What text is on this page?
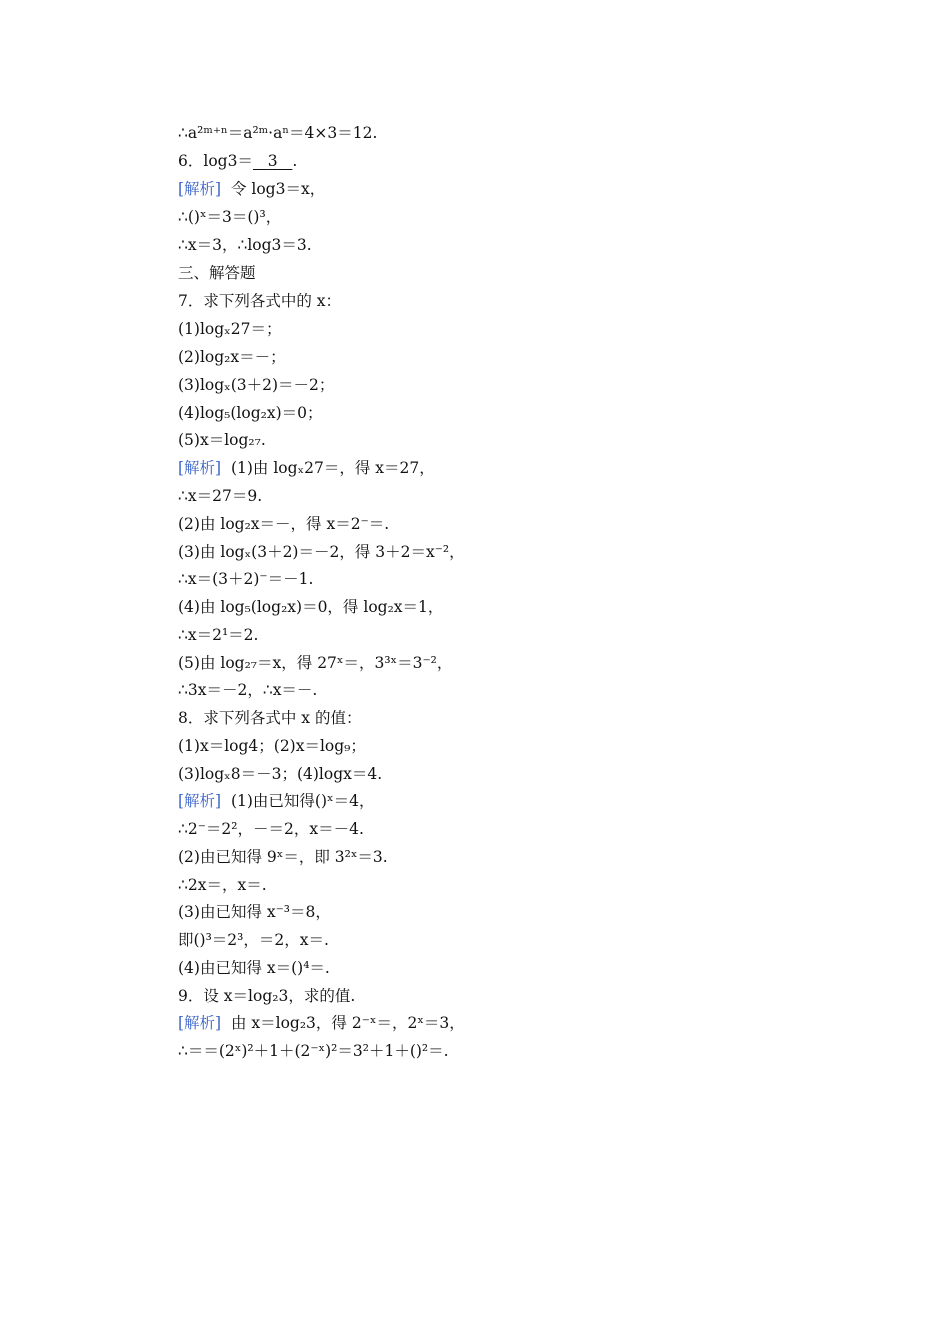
∴a²ᵐ⁺ⁿ＝a²ᵐ·aⁿ＝4×3＝12.
6．log3＝ 3 .
[解析] 令 log3＝x，
∴()ˣ＝3＝()³，
∴x＝3，∴log3＝3.
三、解答题
7．求下列各式中的 x：
(1)logₓ27＝；
(2)log₂x＝－；
(3)logₓ(3＋2)＝－2；
(4)log₅(log₂x)＝0；
(5)x＝log₂₇.
[解析] (1)由 logₓ27＝，得 x＝27，
∴x＝27＝9.
(2)由 log₂x＝－，得 x＝2⁻＝.
(3)由 logₓ(3＋2)＝－2，得 3＋2＝x⁻²，
∴x＝(3＋2)⁻＝－1.
(4)由 log₅(log₂x)＝0，得 log₂x＝1，
∴x＝2¹＝2.
(5)由 log₂₇＝x，得 27ˣ＝，3³ˣ＝3⁻²，
∴3x＝－2，∴x＝－.
8．求下列各式中 x 的值：
(1)x＝log4；(2)x＝log₉；
(3)logₓ8＝－3；(4)logx＝4.
[解析] (1)由已知得()ˣ＝4，
∴2⁻＝2²，－＝2，x＝－4.
(2)由已知得 9ˣ＝，即 3²ˣ＝3.
∴2x＝，x＝.
(3)由已知得 x⁻³＝8，
即()³＝2³，＝2，x＝.
(4)由已知得 x＝()⁴＝.
9．设 x＝log₂3，求的值.
[解析] 由 x＝log₂3，得 2⁻ˣ＝，2ˣ＝3，
∴＝＝(2ˣ)²＋1＋(2⁻ˣ)²＝3²＋1＋()²＝.
